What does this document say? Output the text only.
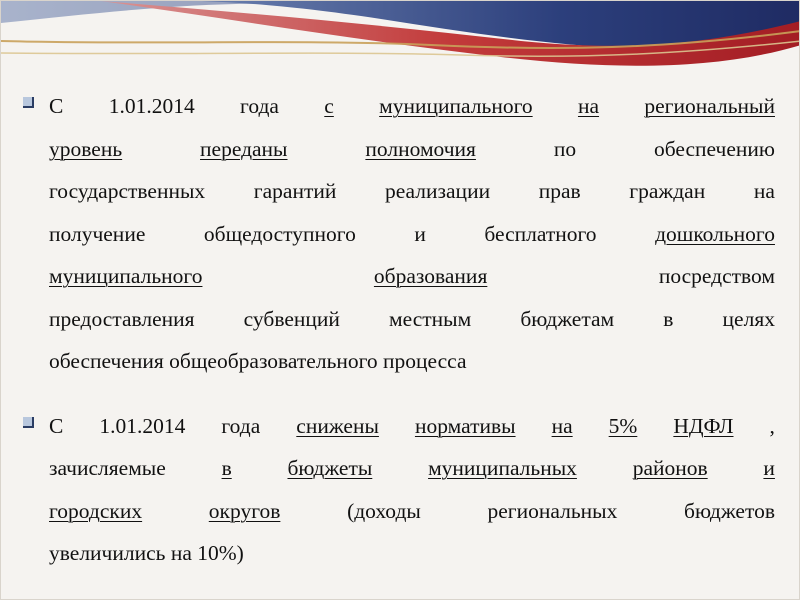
С 1.01.2014 года с муниципального на региональный
уровень	переданы	полномочия	по	обеспечению
государственных гарантий реализации прав граждан на
получение	общедоступного	и	бесплатного	дошкольного
муниципального	образования	посредством
предоставления субвенций местным бюджетам в целях
обеспечения общеобразовательного процесса
С 1.01.2014 года снижены нормативы на 5% НДФЛ ,
зачисляемые	в	бюджеты	муниципальных	районов	и
городских	округов	(доходы	региональных	бюджетов
увеличились на 10%)
